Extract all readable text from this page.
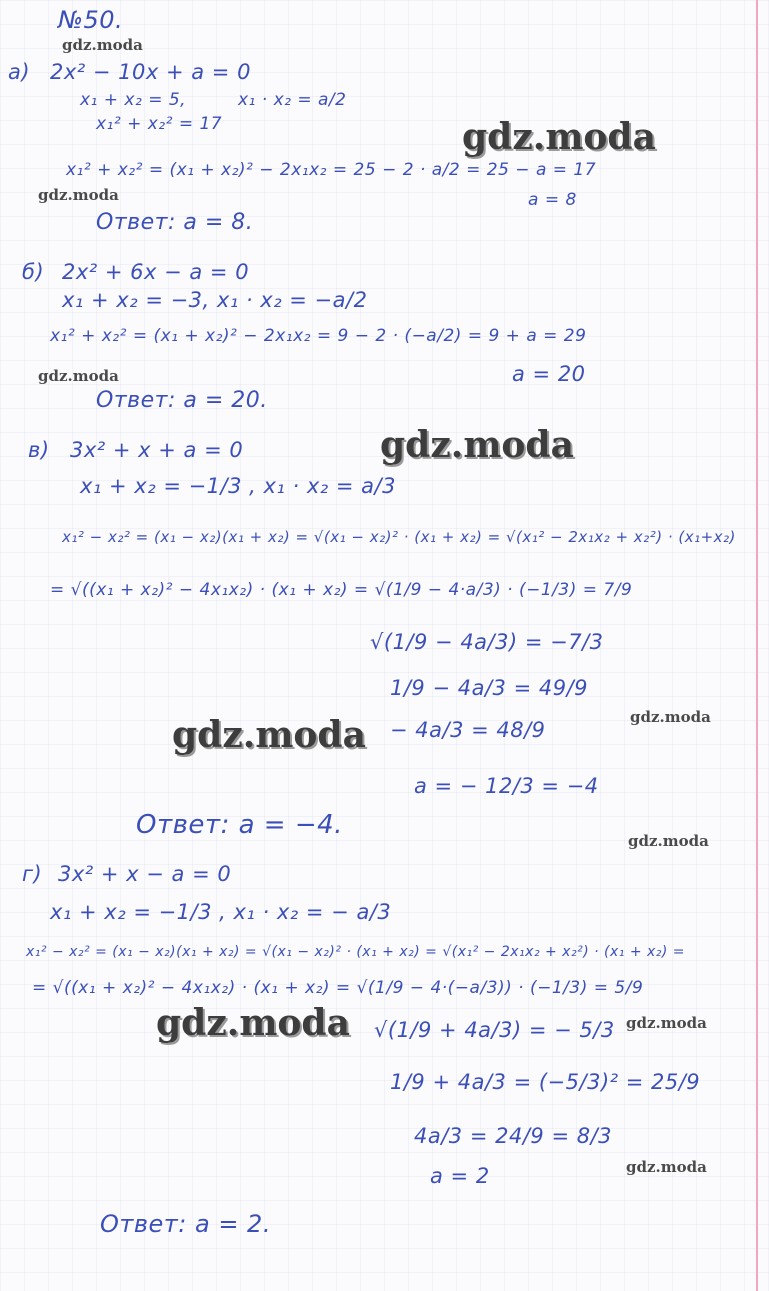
№50.
gdz.moda
gdz.moda
gdz.moda
gdz.moda
gdz.moda
gdz.moda
gdz.moda
gdz.moda
gdz.moda	gdz.moda
gdz.moda
а) 2x² − 10x + a = 0
x₁ + x₂ = 5,	x₁ · x₂ = a/2
x₁² + x₂² = 17
x₁² + x₂² = (x₁ + x₂)² − 2x₁x₂ = 25 − 2 · a/2 = 25 − a = 17
a = 8
Ответ: a = 8.
б) 2x² + 6x − a = 0
x₁ + x₂ = −3, x₁ · x₂ = −a/2
x₁² + x₂² = (x₁ + x₂)² − 2x₁x₂ = 9 − 2 · (−a/2) = 9 + a = 29
a = 20
Ответ: a = 20.
в) 3x² + x + a = 0
x₁ + x₂ = −1/3 , x₁ · x₂ = a/3
x₁² − x₂² = (x₁ − x₂)(x₁ + x₂) = √(x₁ − x₂)² · (x₁ + x₂) = √(x₁² − 2x₁x₂ + x₂²) · (x₁+x₂)
= √((x₁ + x₂)² − 4x₁x₂) · (x₁ + x₂) = √(1/9 − 4·a/3) · (−1/3) = 7/9
√(1/9 − 4a/3) = −7/3
1/9 − 4a/3 = 49/9
− 4a/3 = 48/9
a = − 12/3 = −4
Ответ: a = −4.
г) 3x² + x − a = 0
x₁ + x₂ = −1/3 , x₁ · x₂ = − a/3
x₁² − x₂² = (x₁ − x₂)(x₁ + x₂) = √(x₁ − x₂)² · (x₁ + x₂) = √(x₁² − 2x₁x₂ + x₂²) · (x₁ + x₂) =
= √((x₁ + x₂)² − 4x₁x₂) · (x₁ + x₂) = √(1/9 − 4·(−a/3)) · (−1/3) = 5/9
√(1/9 + 4a/3) = − 5/3
1/9 + 4a/3 = (−5/3)² = 25/9
4a/3 = 24/9 = 8/3
a = 2
Ответ: a = 2.
